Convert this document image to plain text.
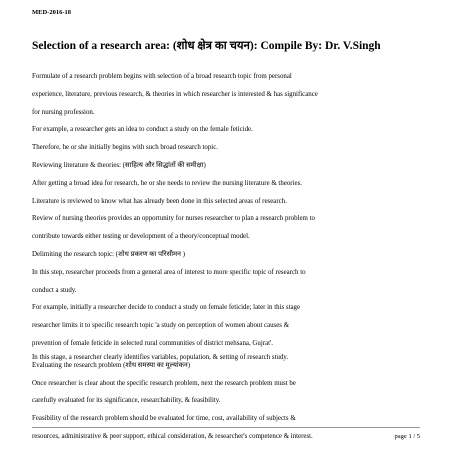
MED-2016-18
Selection of a research area: (शोध क्षेत्र का चयन): Compile By: Dr. V.Singh

Formulate of a research problem begins with selection of a broad research topic from personal

experience, literature, previous research, & theories in which researcher is interested & has significance

for nursing profession.

For example, a researcher gets an idea to conduct a study on the female feticide.

Therefore, he or she initially begins with such broad research topic.

Reviewing literature & theories: (साहित्य और सिद्धांतों की समीक्षा)

After getting a broad idea for research, he or she needs to review the nursing literature & theories.

Literature is reviewed to know what has already been done in this selected areas of research.

Review of nursing theories provides an opportunity for nurses researcher to plan a research problem to

contribute towards either testing or development of a theory/conceptual model.

Delimiting the research topic: (शोध प्रकरण का परिसीमन )

In this step, researcher proceeds from a general area of interest to more specific topic of research to

conduct a study.

For example, initially a researcher decide to conduct a study on female feticide; later in this stage

researcher limits it to specific research topic 'a study on perception of women about causes &

prevention of female feticide in selected rural communities of district mehsana, Gujrat'.

In this stage, a researcher clearly identifies variables, population, & setting of research study.

Evaluating the research problem (शोध समस्या का मूल्यांकन)

Once researcher is clear about the specific research problem, next the research problem must be

carefully evaluated for its significance, researchability, & feasibility.

Feasibility of the research problem should be evaluated for time, cost, availability of subjects &

resources, administrative & peer support, ethical consideration, & researcher's competence & interest.	page 1 / 5
